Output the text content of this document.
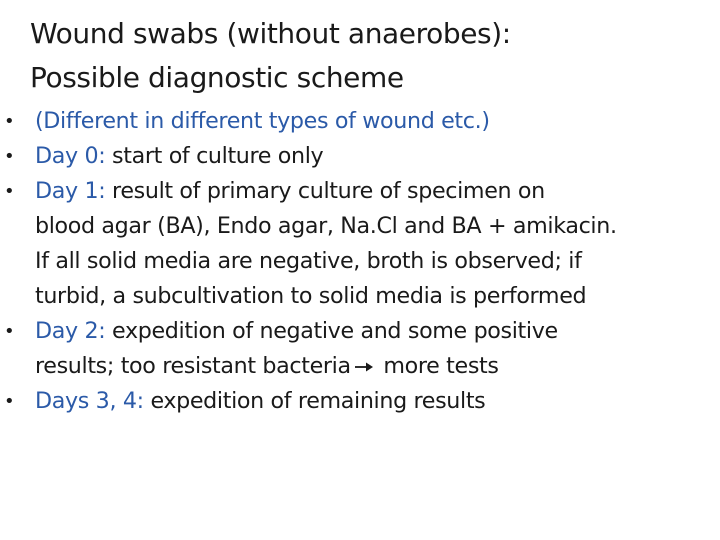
Wound swabs (without anaerobes):
Possible diagnostic scheme
• (Different in different types of wound etc.)
• Day 0: start of culture only
• Day 1: result of primary culture of specimen on
blood agar (BA), Endo agar, Na.Cl and BA + amikacin.
If all solid media are negative, broth is observed; if
turbid, a subcultivation to solid media is performed
• Day 2: expedition of negative and some positive
results; too resistant bacteria more tests
• Days 3, 4: expedition of remaining results
